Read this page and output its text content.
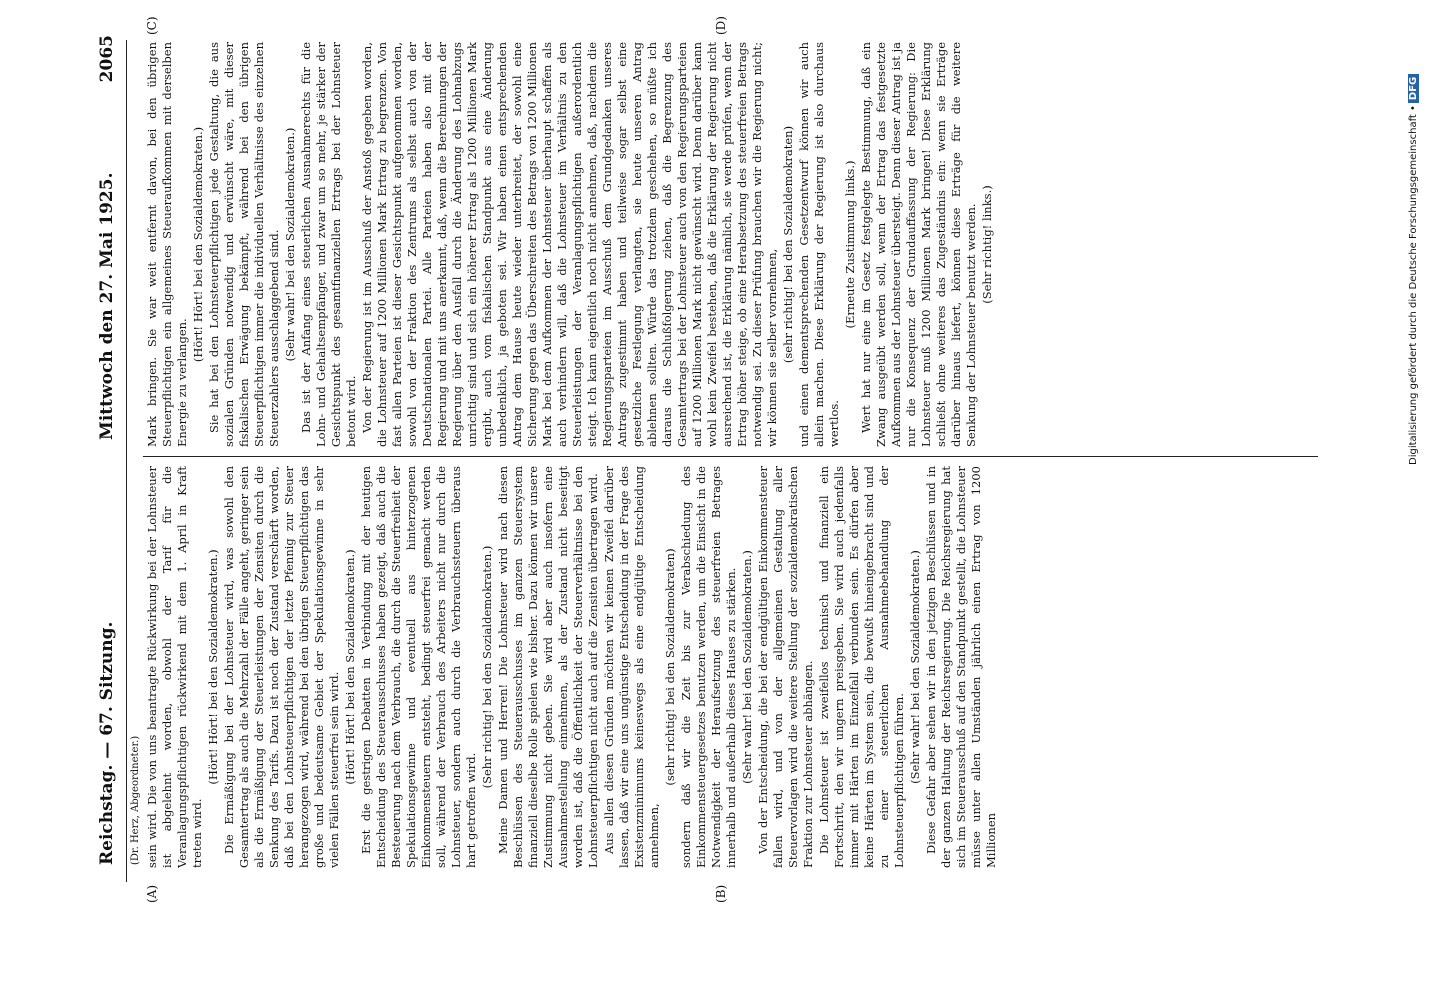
Reichstag. — 67. Sitzung.
Mittwoch den 27. Mai 1925.
2065
(Dr. Herz, Abgeordneter.)
(A)	(B)
(C)	(D)

sein wird. Die von uns beantragte Rückwirkung bei der Lohnsteuer ist abgelehnt worden, obwohl der Tarif für die Veranlagungspflichtigen rückwirkend mit dem 1. April in Kraft treten wird.

(Hört! Hört! bei den Sozialdemokraten.) Die Ermäßigung bei der Lohnsteuer wird, was sowohl den Gesamtertrag als auch die Mehrzahl der Fälle angeht, geringer sein als die Ermäßigung der Steuerleistungen der Zensiten durch die Senkung des Tarifs. Dazu ist noch der Zustand verschärft worden, daß bei den Lohnsteuerpflichtigen der letzte Pfennig zur Steuer herangezogen wird, während bei den übrigen Steuerpflichtigen das große und bedeutsame Gebiet der Spekulationsgewinne in sehr vielen Fällen steuerfrei sein wird. (Hört! Hört! bei den Sozialdemokraten.) Erst die gestrigen Debatten in Verbindung mit der heutigen Entscheidung des Steuerausschusses haben gezeigt, daß auch die Besteuerung nach dem Verbrauch, die durch die Steuerfreiheit der Spekulationsgewinne und eventuell aus hinterzogenen Einkommensteuern entsteht, bedingt steuerfrei gemacht werden soll, während der Verbrauch des Arbeiters nicht nur durch die Lohnsteuer, sondern auch durch die Verbrauchssteuern überaus hart getroffen wird.

(Sehr richtig! bei den Sozialdemokraten.) Meine Damen und Herren! Die Lohnsteuer wird nach diesen Beschlüssen des Steuerausschusses im ganzen Steuersystem finanziell dieselbe Rolle spielen wie bisher. Dazu können wir unsere Zustimmung nicht geben. Sie wird aber auch insofern eine Ausnahmestellung einnehmen, als der Zustand nicht beseitigt worden ist, daß die Öffentlichkeit der Steuerverhältnisse bei den Lohnsteuerpflichtigen nicht auch auf die Zensiten übertragen wird. Aus allen diesen Gründen möchten wir keinen Zweifel darüber lassen, daß wir eine uns ungünstige Entscheidung in der Frage des Existenzminimums keineswegs als eine endgültige Entscheidung annehmen,

(sehr richtig! bei den Sozialdemokraten) sondern daß wir die Zeit bis zur Verabschiedung des Einkommensteuergesetzes benutzen werden, um die Einsicht in die Notwendigkeit der Heraufsetzung des steuerfreien Betrages innerhalb und außerhalb dieses Hauses zu stärken. (Sehr wahr! bei den Sozialdemokraten.) Von der Entscheidung, die bei der endgültigen Einkommensteuer fallen wird, und von der allgemeinen Gestaltung aller Steuervorlagen wird die weitere Stellung der sozialdemokratischen Fraktion zur Lohnsteuer abhängen. Die Lohnsteuer ist zweifellos technisch und finanziell ein Fortschritt, den wir ungern preisgeben. Sie wird auch jedenfalls immer mit Härten im Einzelfall verbunden sein. Es dürfen aber keine Härten im System sein, die bewußt hineingebracht sind und zu einer steuerlichen Ausnahmebehandlung der Lohnsteuerpflichtigen führen. (Sehr wahr! bei den Sozialdemokraten.) Diese Gefahr aber sehen wir in den jetzigen Beschlüssen und in der ganzen Haltung der Reichsregierung. Die Reichsregierung hat sich im Steuerausschuß auf den Standpunkt gestellt, die Lohnsteuer müsse unter allen Umständen jährlich einen Ertrag von 1200 Millionen

Mark bringen. Sie war weit entfernt davon, bei den übrigen Steuerpflichtigen ein allgemeines Steueraufkommen mit derselben Energie zu verlangen.

(Hört! Hört! bei den Sozialdemokraten.) Sie hat bei den Lohnsteuerpflichtigen jede Gestaltung, die aus sozialen Gründen notwendig und erwünscht wäre, mit dieser fiskalischen Erwägung bekämpft, während bei den übrigen Steuerpflichtigen immer die individuellen Verhältnisse des einzelnen Steuerzahlers ausschlaggebend sind. (Sehr wahr! bei den Sozialdemokraten.) Das ist der Anfang eines steuerlichen Ausnahmerechts für die Lohn- und Gehaltsempfänger, und zwar um so mehr, je stärker der Gesichtspunkt des gesamtfinanziellen Ertrags bei der Lohnsteuer betont wird. Von der Regierung ist im Ausschuß der Anstoß gegeben worden, die Lohnsteuer auf 1200 Millionen Mark Ertrag zu begrenzen. Von fast allen Parteien ist dieser Gesichtspunkt aufgenommen worden, sowohl von der Fraktion des Zentrums als selbst auch von der Deutschnationalen Partei. Alle Parteien haben also mit der Regierung und mit uns anerkannt, daß, wenn die Berechnungen der Regierung über den Ausfall durch die Änderung des Lohnabzugs unrichtig sind und sich ein höherer Ertrag als 1200 Millionen Mark ergibt, auch vom fiskalischen Standpunkt aus eine Änderung unbedenklich, ja geboten sei. Wir haben einen entsprechenden Antrag dem Hause heute wieder unterbreitet, der sowohl eine Sicherung gegen das Überschreiten des Betrags von 1200 Millionen Mark bei dem Aufkommen der Lohnsteuer überhaupt schaffen als auch verhindern will, daß die Lohnsteuer im Verhältnis zu den Steuerleistungen der Veranlagungspflichtigen außerordentlich steigt. Ich kann eigentlich noch nicht annehmen, daß, nachdem die Regierungsparteien im Ausschuß dem Grundgedanken unseres Antrags zugestimmt haben und teilweise sogar selbst eine gesetzliche Festlegung verlangten, sie heute unseren Antrag ablehnen sollten. Würde das trotzdem geschehen, so müßte ich daraus die Schlußfolgerung ziehen, daß die Begrenzung des Gesamtertrags bei der Lohnsteuer auch von den Regierungsparteien auf 1200 Millionen Mark nicht gewünscht wird. Denn darüber kann wohl kein Zweifel bestehen, daß die Erklärung der Regierung nicht ausreichend ist, die Erklärung nämlich, sie werde prüfen, wenn der Ertrag höher steige, ob eine Herabsetzung des steuerfreien Betrags notwendig sei. Zu dieser Prüfung brauchen wir die Regierung nicht; wir können sie selber vornehmen, (sehr richtig! bei den Sozialdemokraten) und einen dementsprechenden Gesetzentwurf können wir auch allein machen. Diese Erklärung der Regierung ist also durchaus wertlos.

(Erneute Zustimmung links.) Wert hat nur eine im Gesetz festgelegte Bestimmung, daß ein Zwang ausgeübt werden soll, wenn der Ertrag das festgesetzte Aufkommen aus der Lohnsteuer übersteigt. Denn dieser Antrag ist ja nur die Konsequenz der Grundauffassung der Regierung: Die Lohnsteuer muß 1200 Millionen Mark bringen! Diese Erklärung schließt ohne weiteres das Zugeständnis ein: wenn sie Erträge darüber hinaus liefert, können diese Erträge für die weitere Senkung der Lohnsteuer benutzt werden. (Sehr richtig! links.)	Digitalisierung gefördert durch die Deutsche Forschungsgemeinschaft •DFG
